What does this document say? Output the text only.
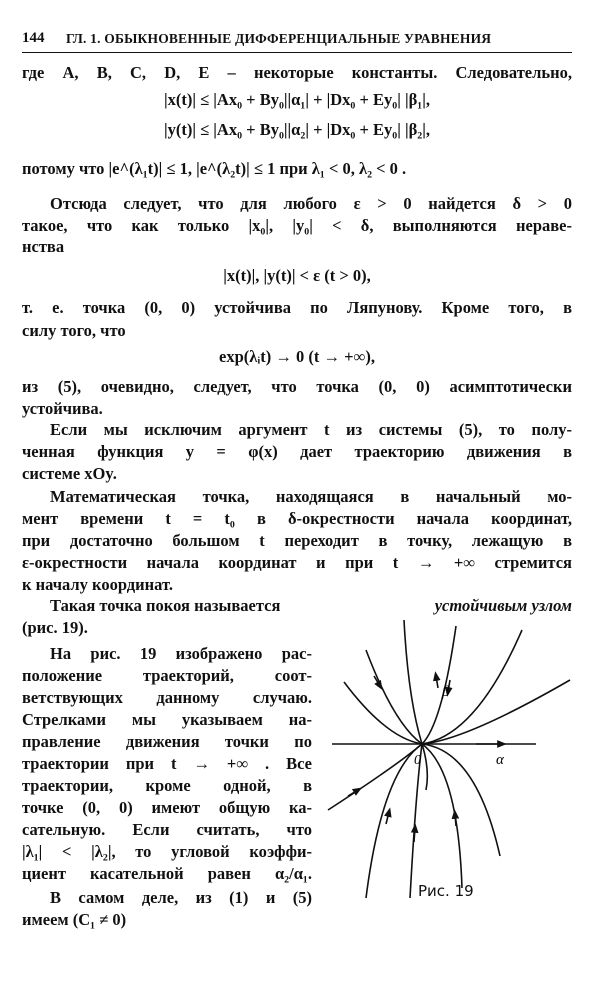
144 ГЛ. 1. ОБЫКНОВЕННЫЕ ДИФФЕРЕНЦИАЛЬНЫЕ УРАВНЕНИЯ
где A, B, C, D, E – некоторые константы. Следовательно,
|x(t)| ≤ |Ax₀ + By₀||α₁| + |Dx₀ + Ey₀| |β₁|,
|y(t)| ≤ |Ax₀ + By₀||α₂| + |Dx₀ + Ey₀| |β₂|,
потому что |e^(λ₁t)| ≤ 1, |e^(λ₂t)| ≤ 1 при λ₁ < 0, λ₂ < 0 .
Отсюда следует, что для любого ε > 0 найдется δ > 0
такое, что как только |x₀|, |y₀| < δ, выполняются нераве-
нства
|x(t)|, |y(t)| < ε (t > 0),
т. е. точка (0, 0) устойчива по Ляпунову. Кроме того, в
силу того, что
exp(λᵢt) → 0 (t → +∞),
из (5), очевидно, следует, что точка (0, 0) асимптотически
устойчива.
Если мы исключим аргумент t из системы (5), то полу-
ченная функция y = φ(x) дает траекторию движения в
системе xOy.
Математическая точка, находящаяся в начальный мо-
мент времени t = t₀ в δ-окрестности начала координат,
при достаточно большом t переходит в точку, лежащую в
ε-окрестности начала координат и при t → +∞ стремится
к началу координат.
Такая точка покоя называется	устойчивым узлом
(рис. 19).
На рис. 19 изображено рас-
положение траекторий, соот-
ветствующих данному случаю.
Стрелками мы указываем на-
правление движения точки по
траектории при t → +∞ . Все
траектории, кроме одной, в
точке (0, 0) имеют общую ка-
сательную. Если считать, что
|λ₁| < |λ₂|, то угловой коэффи-
циент касательной равен α₂/α₁.
В самом деле, из (1) и (5)
имеем (C₁ ≠ 0)
β
α
0
Рис. 19
